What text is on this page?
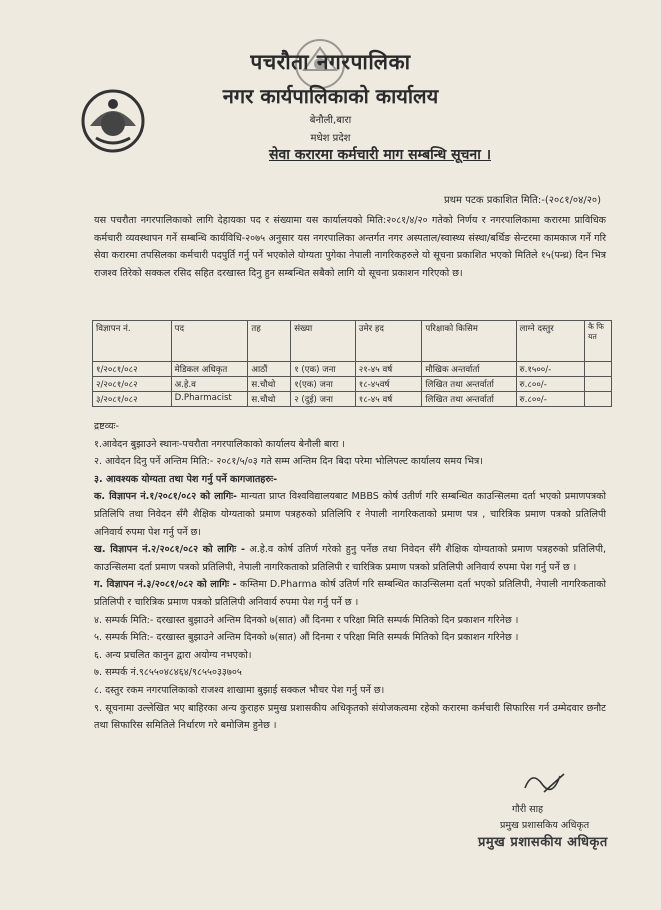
पचरौता नगरपालिका
नगर कार्यपालिकाको कार्यालय
बेनौली,बारा
मधेश प्रदेश
सेवा करारमा कर्मचारी माग सम्बन्धि सूचना ।
प्रथम पटक प्रकाशित मिति:-(२०८१/०४/२०)
यस पचरौता नगरपालिकाको लागि देहायका पद र संख्यामा यस कार्यालयको मिति:२०८१/४/२० गतेको निर्णय र नगरपालिकामा करारमा प्राविधिक कर्मचारी व्यवस्थापन गर्ने सम्बन्धि कार्यविधि-२०७५ अनुसार यस नगरपालिका अन्तर्गत नगर अस्पताल/स्वास्थ्य संस्था/बर्थिङ सेन्टरमा कामकाज गर्ने गरि सेवा करारमा तपसिलका कर्मचारी पदपुर्ति गर्नु पर्ने भएकोले योग्यता पुगेका नेपाली नागरिकहरुले यो सूचना प्रकाशित भएको मितिले १५(पन्ध्र) दिन भित्र राजश्व तिरेको सक्कल रसिद सहित दरखास्त दिनु हुन सम्बन्धित सबैको लागि यो सूचना प्रकाशन गरिएको छ।
विज्ञापन नं.	पद	तह	संख्या	उमेर हद	परिक्षाको किसिम	लाग्ने दस्तुर	कै फि यत
१/२०८१/०८२	मेडिकल अधिकृत	आठौं	१ (एक) जना	२१-४५ वर्ष	मौखिक अन्तर्वार्ता	रु.१५००/-	
२/२०८१/०८२	अ.हे.व	स.चौथो	१(एक) जना	१८-४५वर्ष	लिखित तथा अन्तर्वार्ता	रु.८००/-	
३/२०८१/०८२	D.Pharmacist	स.चौथो	२ (दुई) जना	१८-४५ वर्ष	लिखित तथा अन्तर्वार्ता	रु.८००/-	

द्रष्टव्यः-

१.आवेदन बुझाउने स्थानः-पचरौता नगरपालिकाको कार्यालय बेनौली बारा ।

२. आवेदन दिनु पर्ने अन्तिम मिति:- २०८१/५/०३ गते सम्म अन्तिम दिन बिदा परेमा भोलिपल्ट कार्यालय समय भित्र।

३. आवश्यक योग्यता तथा पेश गर्नु पर्ने कागजातहरुः-

क. विज्ञापन नं.१/२०८१/०८२ को लागिः- मान्यता प्राप्त विश्वविद्यालयबाट MBBS कोर्ष उतीर्ण गरि सम्बन्धित काउन्सिलमा दर्ता भएको प्रमाणपत्रको प्रतिलिपि तथा निवेदन सँगै शैक्षिक योग्यताको प्रमाण पत्रहरुको प्रतिलिपि र नेपाली नागरिकताको प्रमाण पत्र , चारित्रिक प्रमाण पत्रको प्रतिलिपी अनिवार्य रुपमा पेश गर्नु पर्ने छ।

ख. विज्ञापन नं.२/२०८१/०८२ को लागिः - अ.हे.व कोर्ष उतिर्ण गरेको हुनु पर्नेछ तथा निवेदन सँगै शैक्षिक योग्यताको प्रमाण पत्रहरुको प्रतिलिपी, काउन्सिलमा दर्ता प्रमाण पत्रको प्रतिलिपी, नेपाली नागरिकताको प्रतिलिपी र चारित्रिक प्रमाण पत्रको प्रतिलिपी अनिवार्य रुपमा पेश गर्नु पर्ने छ ।

ग. विज्ञापन नं.३/२०८१/०८२ को लागिः - कम्तिमा D.Pharma कोर्ष उतिर्ण गरि सम्बन्धित काउन्सिलमा दर्ता भएको प्रतिलिपी, नेपाली नागरिकताको प्रतिलिपी र चारित्रिक प्रमाण पत्रको प्रतिलिपी अनिवार्य रुपमा पेश गर्नु पर्ने छ ।

४. सम्पर्क मिति:- दरखास्त बुझाउने अन्तिम दिनको ७(सात) औं दिनमा र परिक्षा मिति सम्पर्क मितिको दिन प्रकाशन गरिनेछ ।

५. सम्पर्क मिति:- दरखास्त बुझाउने अन्तिम दिनको ७(सात) औं दिनमा र परिक्षा मिति सम्पर्क मितिको दिन प्रकाशन गरिनेछ ।

६. अन्य प्रचलित कानुन द्वारा अयोग्य नभएको।

७. सम्पर्क नं.९८५५०४८४६४/९८५५०३३७०५

८. दस्तुर रकम नगरपालिकाको राजश्व शाखामा बुझाई सक्कल भौचर पेश गर्नु पर्ने छ।

९. सूचनामा उल्लेखित भए बाहिरका अन्य कुराहरु प्रमुख प्रशासकीय अधिकृतको संयोजकत्वमा रहेको करारमा कर्मचारी सिफारिस गर्न उम्मेदवार छनौट तथा सिफारिस समितिले निर्धारण गरे बमोजिम हुनेछ ।

गौरी साह
प्रमुख प्रशासकिय अधिकृत
प्रमुख प्रशासकीय अधिकृत
